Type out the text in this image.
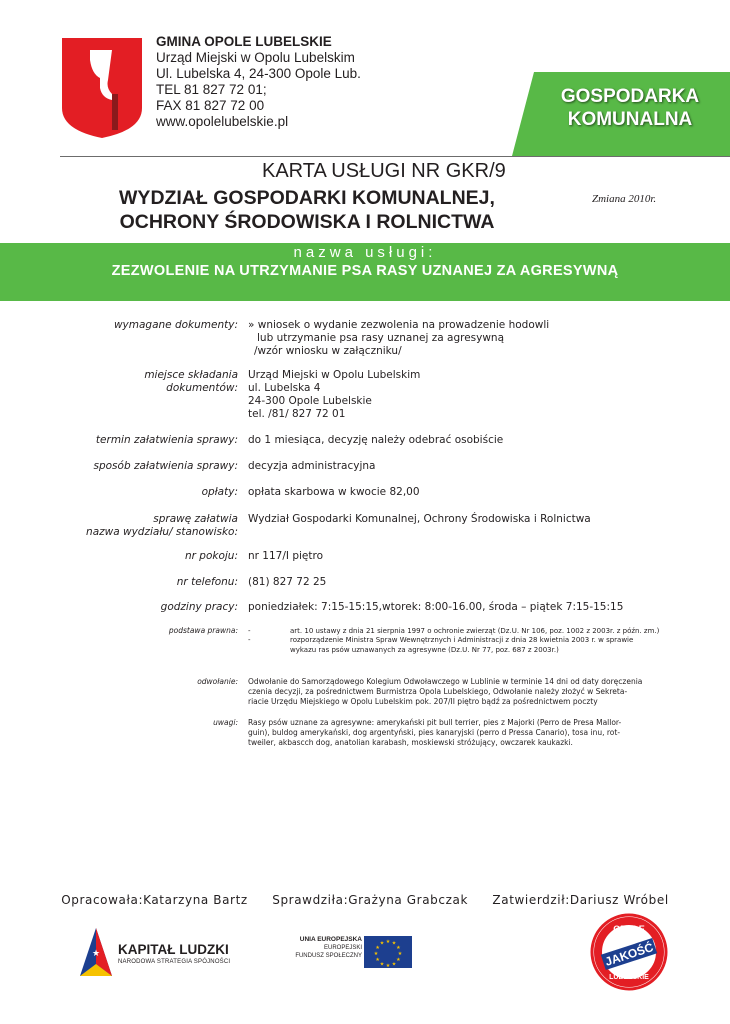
GMINA OPOLE LUBELSKIE
Urząd Miejski w Opolu Lubelskim
Ul. Lubelska 4, 24-300 Opole Lub.
TEL 81 827 72 01;
FAX 81 827 72 00
www.opolelubelskie.pl
GOSPODARKA
KOMUNALNA
KARTA USŁUGI NR GKR/9
WYDZIAŁ GOSPODARKI KOMUNALNEJ,
OCHRONY ŚRODOWISKA I ROLNICTWA
Zmiana 2010r.
nazwa usługi:
ZEZWOLENIE NA UTRZYMANIE PSA RASY UZNANEJ ZA AGRESYWNĄ
wymagane dokumenty: » wniosek o wydanie zezwolenia na prowadzenie hodowli
lub utrzymanie psa rasy uznanej za agresywną
/wzór wniosku w załączniku/
miejsce składania
dokumentów:
Urząd Miejski w Opolu Lubelskim
ul. Lubelska 4
24-300 Opole Lubelskie
tel. /81/ 827 72 01
termin załatwienia sprawy: do 1 miesiąca, decyzję należy odebrać osobiście
sposób załatwienia sprawy: decyzja administracyjna
opłaty: opłata skarbowa w kwocie 82,00
sprawę załatwia
nazwa wydziału/ stanowisko:
Wydział Gospodarki Komunalnej, Ochrony Środowiska i Rolnictwa
nr pokoju: nr 117/I piętro
nr telefonu: (81) 827 72 25
godziny pracy: poniedziałek: 7:15-15:15,wtorek: 8:00-16.00, środa – piątek 7:15-15:15
podstawa prawna: -	art. 10 ustawy z dnia 21 sierpnia 1997 o ochronie zwierząt (Dz.U. Nr 106, poz. 1002 z 2003r. z późn. zm.)
-	rozporządzenie Ministra Spraw Wewnętrznych i Administracji z dnia 28 kwietnia 2003 r. w sprawie
wykazu ras psów uznawanych za agresywne (Dz.U. Nr 77, poz. 687 z 2003r.)
odwołanie: Odwołanie do Samorządowego Kolegium Odwoławczego w Lublinie w terminie 14 dni od daty doręczenia
czenia decyzji, za pośrednictwem Burmistrza Opola Lubelskiego, Odwołanie należy złożyć w Sekreta-
riacie Urzędu Miejskiego w Opolu Lubelskim pok. 207/II piętro bądź za pośrednictwem poczty
uwagi: Rasy psów uznane za agresywne: amerykański pit bull terrier, pies z Majorki (Perro de Presa Mallor-
guin), buldog amerykański, dog argentyński, pies kanaryjski (perro d Pressa Canario), tosa inu, rot-
tweiler, akbascch dog, anatolian karabash, moskiewski stróżujący, owczarek kaukazki.
Opracowała:Katarzyna Bartz Sprawdziła:Grażyna Grabczak Zatwierdził:Dariusz Wróbel
★ KAPITAŁ LUDZKI
NARODOWA STRATEGIA SPÓJNOŚCI
UNIA EUROPEJSKA
EUROPEJSKI
FUNDUSZ SPOŁECZNY
★ ★
★
★
★
★
★
★
★
★
★
★
OPOLE
JAKOŚĆ
LUBELSKIE
